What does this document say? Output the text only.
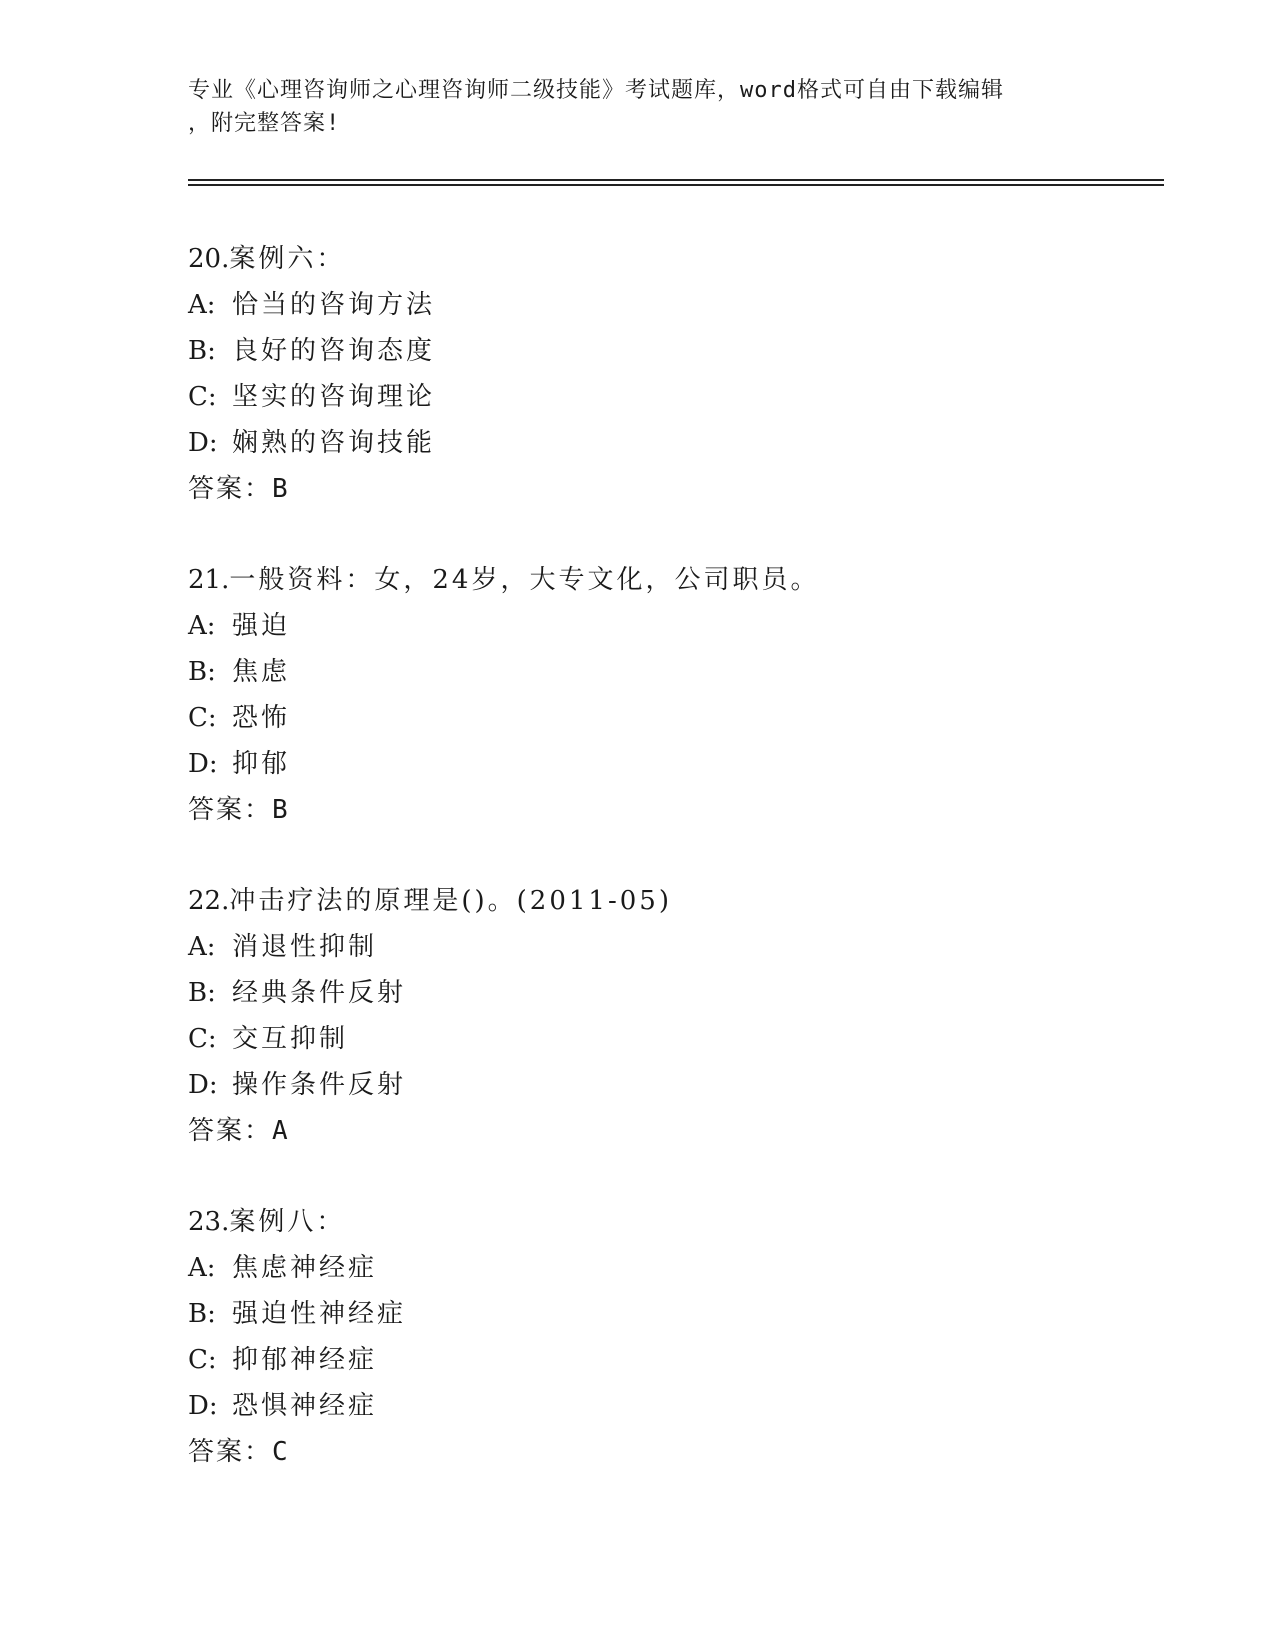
专业《心理咨询师之心理咨询师二级技能》考试题库，word格式可自由下载编辑
，附完整答案!
20.案例六：
A: 恰当的咨询方法
B: 良好的咨询态度
C: 坚实的咨询理论
D: 娴熟的咨询技能
答案：B
21.一般资料：女，24岁，大专文化，公司职员。
A: 强迫
B: 焦虑
C: 恐怖
D: 抑郁
答案：B
22.冲击疗法的原理是()。(2011-05)
A: 消退性抑制
B: 经典条件反射
C: 交互抑制
D: 操作条件反射
答案：A
23.案例八：
A: 焦虑神经症
B: 强迫性神经症
C: 抑郁神经症
D: 恐惧神经症
答案：C
